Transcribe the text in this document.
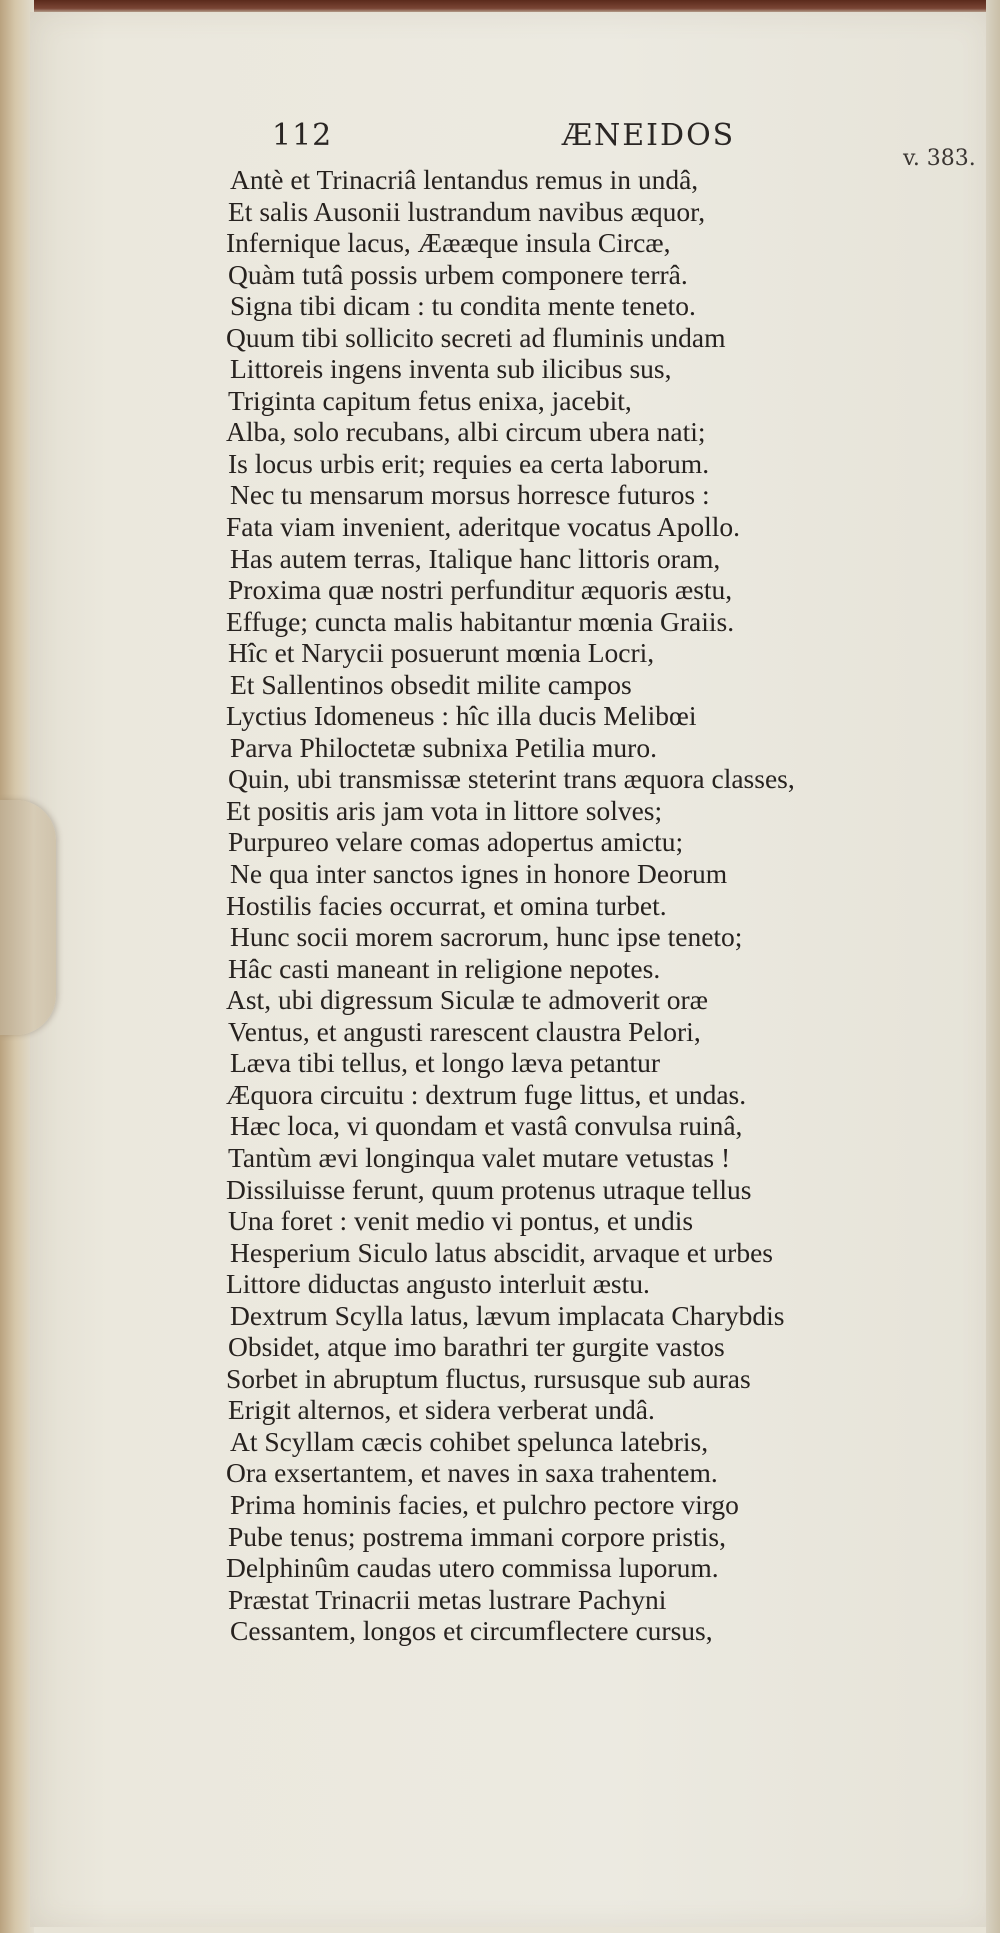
112	ÆNEIDOS
v. 383.
Antè et Trinacriâ lentandus remus in undâ,
Et salis Ausonii lustrandum navibus æquor,
Infernique lacus, Æææque insula Circæ,
Quàm tutâ possis urbem componere terrâ.
Signa tibi dicam : tu condita mente teneto.
Quum tibi sollicito secreti ad fluminis undam
Littoreis ingens inventa sub ilicibus sus,
Triginta capitum fetus enixa, jacebit,
Alba, solo recubans, albi circum ubera nati;
Is locus urbis erit; requies ea certa laborum.
Nec tu mensarum morsus horresce futuros :
Fata viam invenient, aderitque vocatus Apollo.
Has autem terras, Italique hanc littoris oram,
Proxima quæ nostri perfunditur æquoris æstu,
Effuge; cuncta malis habitantur mœnia Graiis.
Hîc et Narycii posuerunt mœnia Locri,
Et Sallentinos obsedit milite campos
Lyctius Idomeneus : hîc illa ducis Melibœi
Parva Philoctetæ subnixa Petilia muro.
Quin, ubi transmissæ steterint trans æquora classes,
Et positis aris jam vota in littore solves;
Purpureo velare comas adopertus amictu;
Ne qua inter sanctos ignes in honore Deorum
Hostilis facies occurrat, et omina turbet.
Hunc socii morem sacrorum, hunc ipse teneto;
Hâc casti maneant in religione nepotes.
Ast, ubi digressum Siculæ te admoverit oræ
Ventus, et angusti rarescent claustra Pelori,
Læva tibi tellus, et longo læva petantur
Æquora circuitu : dextrum fuge littus, et undas.
Hæc loca, vi quondam et vastâ convulsa ruinâ,
Tantùm ævi longinqua valet mutare vetustas !
Dissiluisse ferunt, quum protenus utraque tellus
Una foret : venit medio vi pontus, et undis
Hesperium Siculo latus abscidit, arvaque et urbes
Littore diductas angusto interluit æstu.
Dextrum Scylla latus, lævum implacata Charybdis
Obsidet, atque imo barathri ter gurgite vastos
Sorbet in abruptum fluctus, rursusque sub auras
Erigit alternos, et sidera verberat undâ.
At Scyllam cæcis cohibet spelunca latebris,
Ora exsertantem, et naves in saxa trahentem.
Prima hominis facies, et pulchro pectore virgo
Pube tenus; postrema immani corpore pristis,
Delphinûm caudas utero commissa luporum.
Præstat Trinacrii metas lustrare Pachyni
Cessantem, longos et circumflectere cursus,
